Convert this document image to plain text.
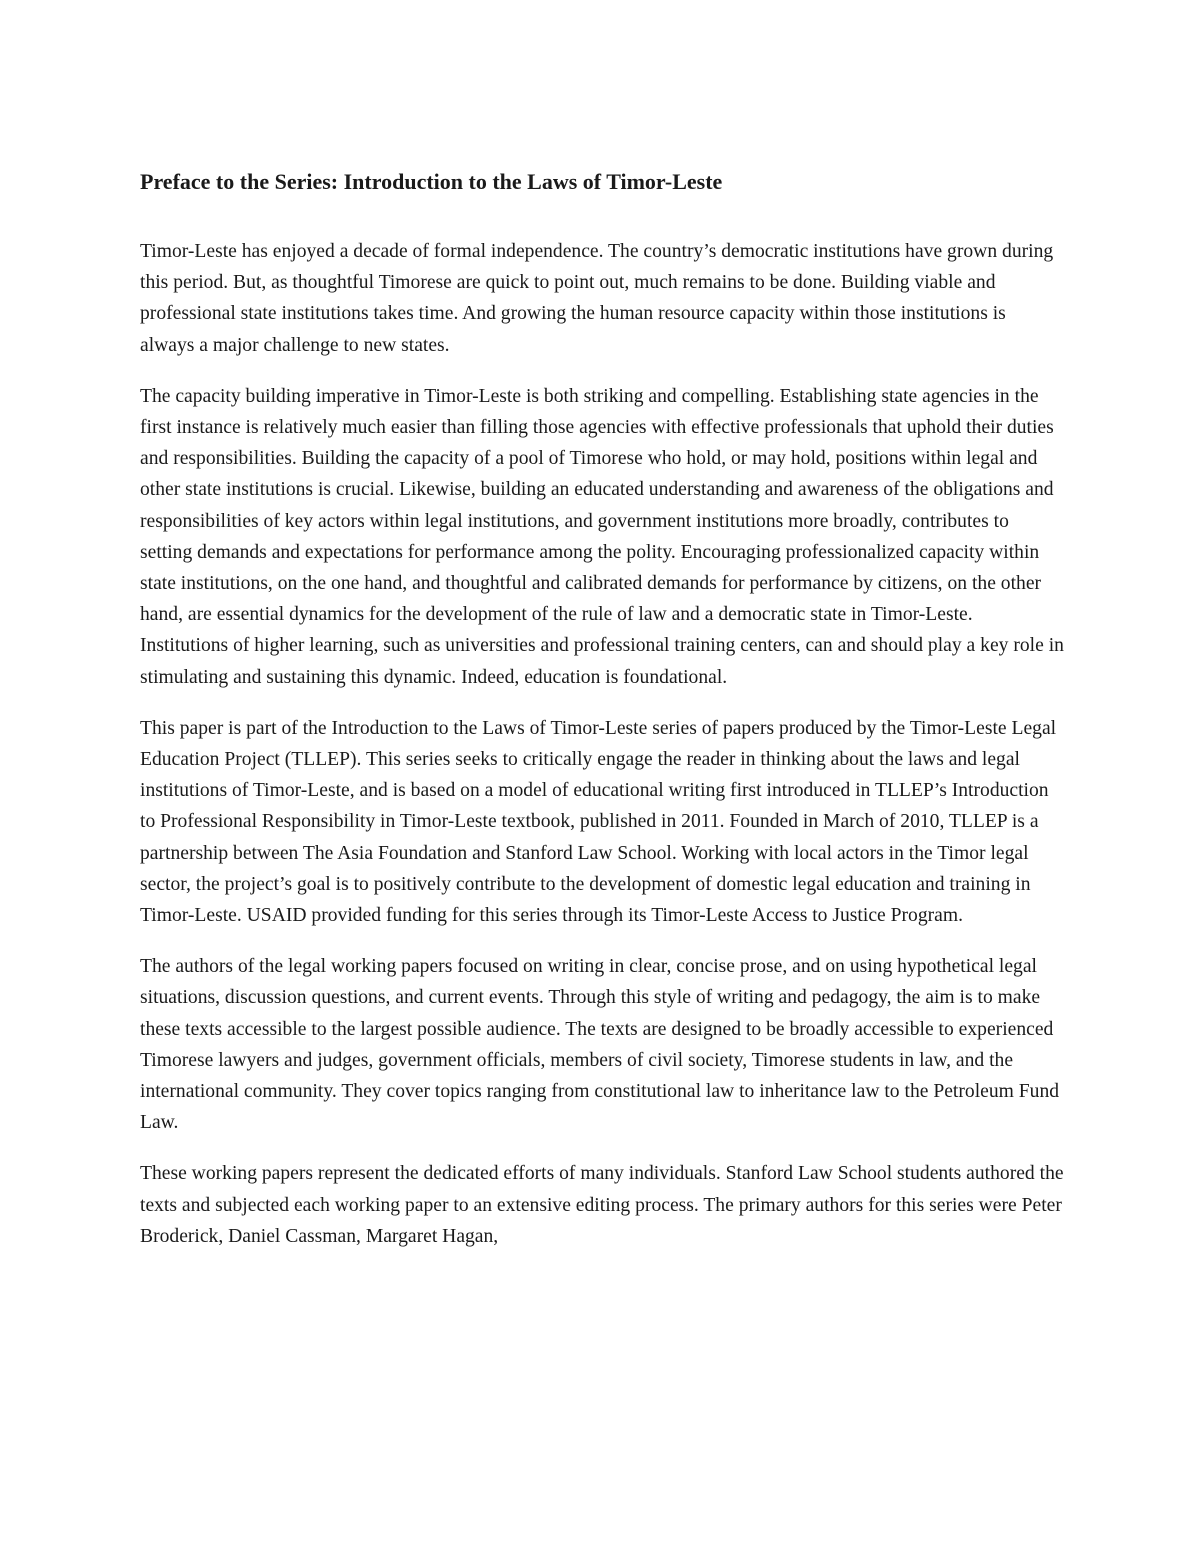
Preface to the Series: Introduction to the Laws of Timor-Leste

Timor-Leste has enjoyed a decade of formal independence. The country’s democratic institutions have grown during this period. But, as thoughtful Timorese are quick to point out, much remains to be done. Building viable and professional state institutions takes time. And growing the human resource capacity within those institutions is always a major challenge to new states.

The capacity building imperative in Timor-Leste is both striking and compelling. Establishing state agencies in the first instance is relatively much easier than filling those agencies with effective professionals that uphold their duties and responsibilities. Building the capacity of a pool of Timorese who hold, or may hold, positions within legal and other state institutions is crucial. Likewise, building an educated understanding and awareness of the obligations and responsibilities of key actors within legal institutions, and government institutions more broadly, contributes to setting demands and expectations for performance among the polity. Encouraging professionalized capacity within state institutions, on the one hand, and thoughtful and calibrated demands for performance by citizens, on the other hand, are essential dynamics for the development of the rule of law and a democratic state in Timor-Leste. Institutions of higher learning, such as universities and professional training centers, can and should play a key role in stimulating and sustaining this dynamic. Indeed, education is foundational.

This paper is part of the Introduction to the Laws of Timor-Leste series of papers produced by the Timor-Leste Legal Education Project (TLLEP). This series seeks to critically engage the reader in thinking about the laws and legal institutions of Timor-Leste, and is based on a model of educational writing first introduced in TLLEP’s Introduction to Professional Responsibility in Timor-Leste textbook, published in 2011. Founded in March of 2010, TLLEP is a partnership between The Asia Foundation and Stanford Law School. Working with local actors in the Timor legal sector, the project’s goal is to positively contribute to the development of domestic legal education and training in Timor-Leste. USAID provided funding for this series through its Timor-Leste Access to Justice Program.

The authors of the legal working papers focused on writing in clear, concise prose, and on using hypothetical legal situations, discussion questions, and current events. Through this style of writing and pedagogy, the aim is to make these texts accessible to the largest possible audience. The texts are designed to be broadly accessible to experienced Timorese lawyers and judges, government officials, members of civil society, Timorese students in law, and the international community. They cover topics ranging from constitutional law to inheritance law to the Petroleum Fund Law.

These working papers represent the dedicated efforts of many individuals. Stanford Law School students authored the texts and subjected each working paper to an extensive editing process. The primary authors for this series were Peter Broderick, Daniel Cassman, Margaret Hagan,
